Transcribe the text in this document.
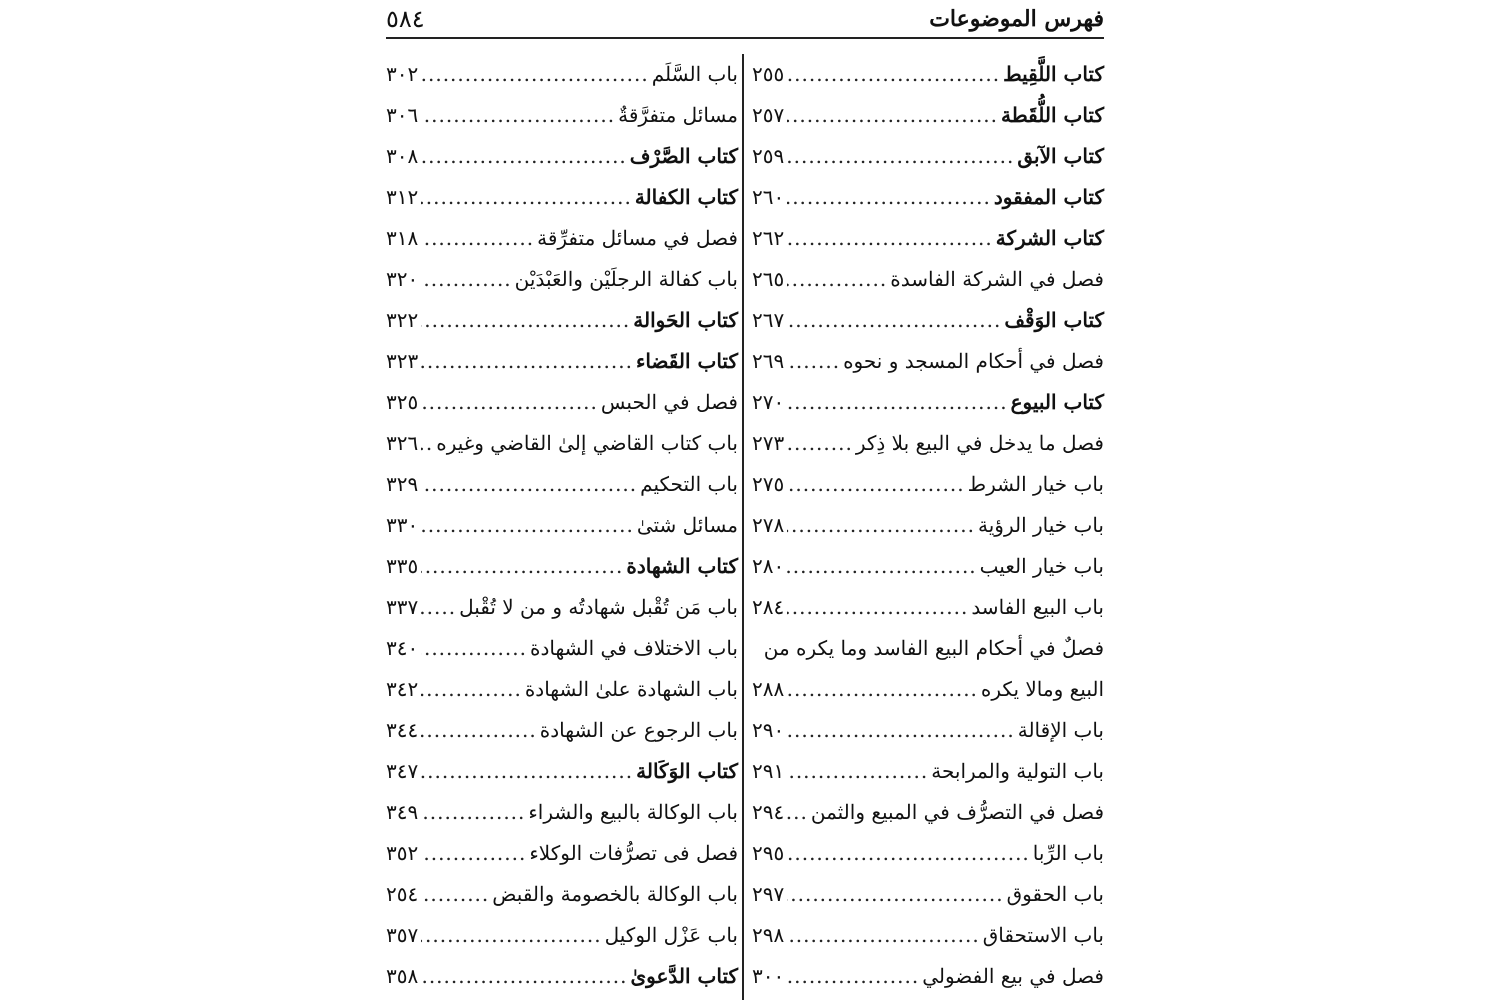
فهرس الموضوعات
٥٨٤
كتاب اللَّقِيط
.....
٢٥٥
كتاب اللُّقَطة
.....
٢٥٧
كتاب الآبق
.....
٢٥٩
كتاب المفقود
.....
٢٦٠
كتاب الشركة
.....
٢٦٢
فصل في الشركة الفاسدة
.....
٢٦٥
كتاب الوَقْف
.....
٢٦٧
فصل في أحكام المسجد و نحوه
.....
٢٦٩
كتاب البيوع
.....
٢٧٠
فصل ما يدخل في البيع بلا ذِكر
.....
٢٧٣
باب خيار الشرط
.....
٢٧٥
باب خيار الرؤية
.....
٢٧٨
باب خيار العيب
.....
٢٨٠
باب البيع الفاسد
.....
٢٨٤
فصلٌ في أحكام البيع الفاسد وما يكره من
البيع ومالا يكره
.....
٢٨٨
باب الإقالة
.....
٢٩٠
باب التولية والمرابحة
.....
٢٩١
فصل في التصرُّف في المبيع والثمن
.....
٢٩٤
باب الرِّبا
.....
٢٩٥
باب الحقوق
.....
٢٩٧
باب الاستحقاق
.....
٢٩٨
فصل في بيع الفضولي
.....
٣٠٠
باب السَّلَم
.....
٣٠٢
مسائل متفرَّقةٌ
.....
٣٠٦
كتاب الصَّرْف
.....
٣٠٨
كتاب الكفالة
.....
٣١٢
فصل في مسائل متفرِّقة
.....
٣١٨
باب كفالة الرجلَيْن والعَبْدَيْن
.....
٣٢٠
كتاب الحَوالة
.....
٣٢٢
كتاب القَضاء
.....
٣٢٣
فصل في الحبس
.....
٣٢٥
باب كتاب القاضي إلىٰ القاضي وغيره
.....
٣٢٦
باب التحكيم
.....
٣٢٩
مسائل شتىٰ
.....
٣٣٠
كتاب الشهادة
.....
٣٣٥
باب مَن تُقْبل شهادتُه و من لا تُقْبل
.....
٣٣٧
باب الاختلاف في الشهادة
.....
٣٤٠
باب الشهادة علىٰ الشهادة
.....
٣٤٢
باب الرجوع عن الشهادة
.....
٣٤٤
كتاب الوَكَالة
.....
٣٤٧
باب الوكالة بالبيع والشراء
.....
٣٤٩
فصل فى تصرُّفات الوكلاء
.....
٣٥٢
باب الوكالة بالخصومة والقبض
.....
٢٥٤
باب عَزْل الوكيل
.....
٣٥٧
كتاب الدَّعوىٰ
.....
٣٥٨
